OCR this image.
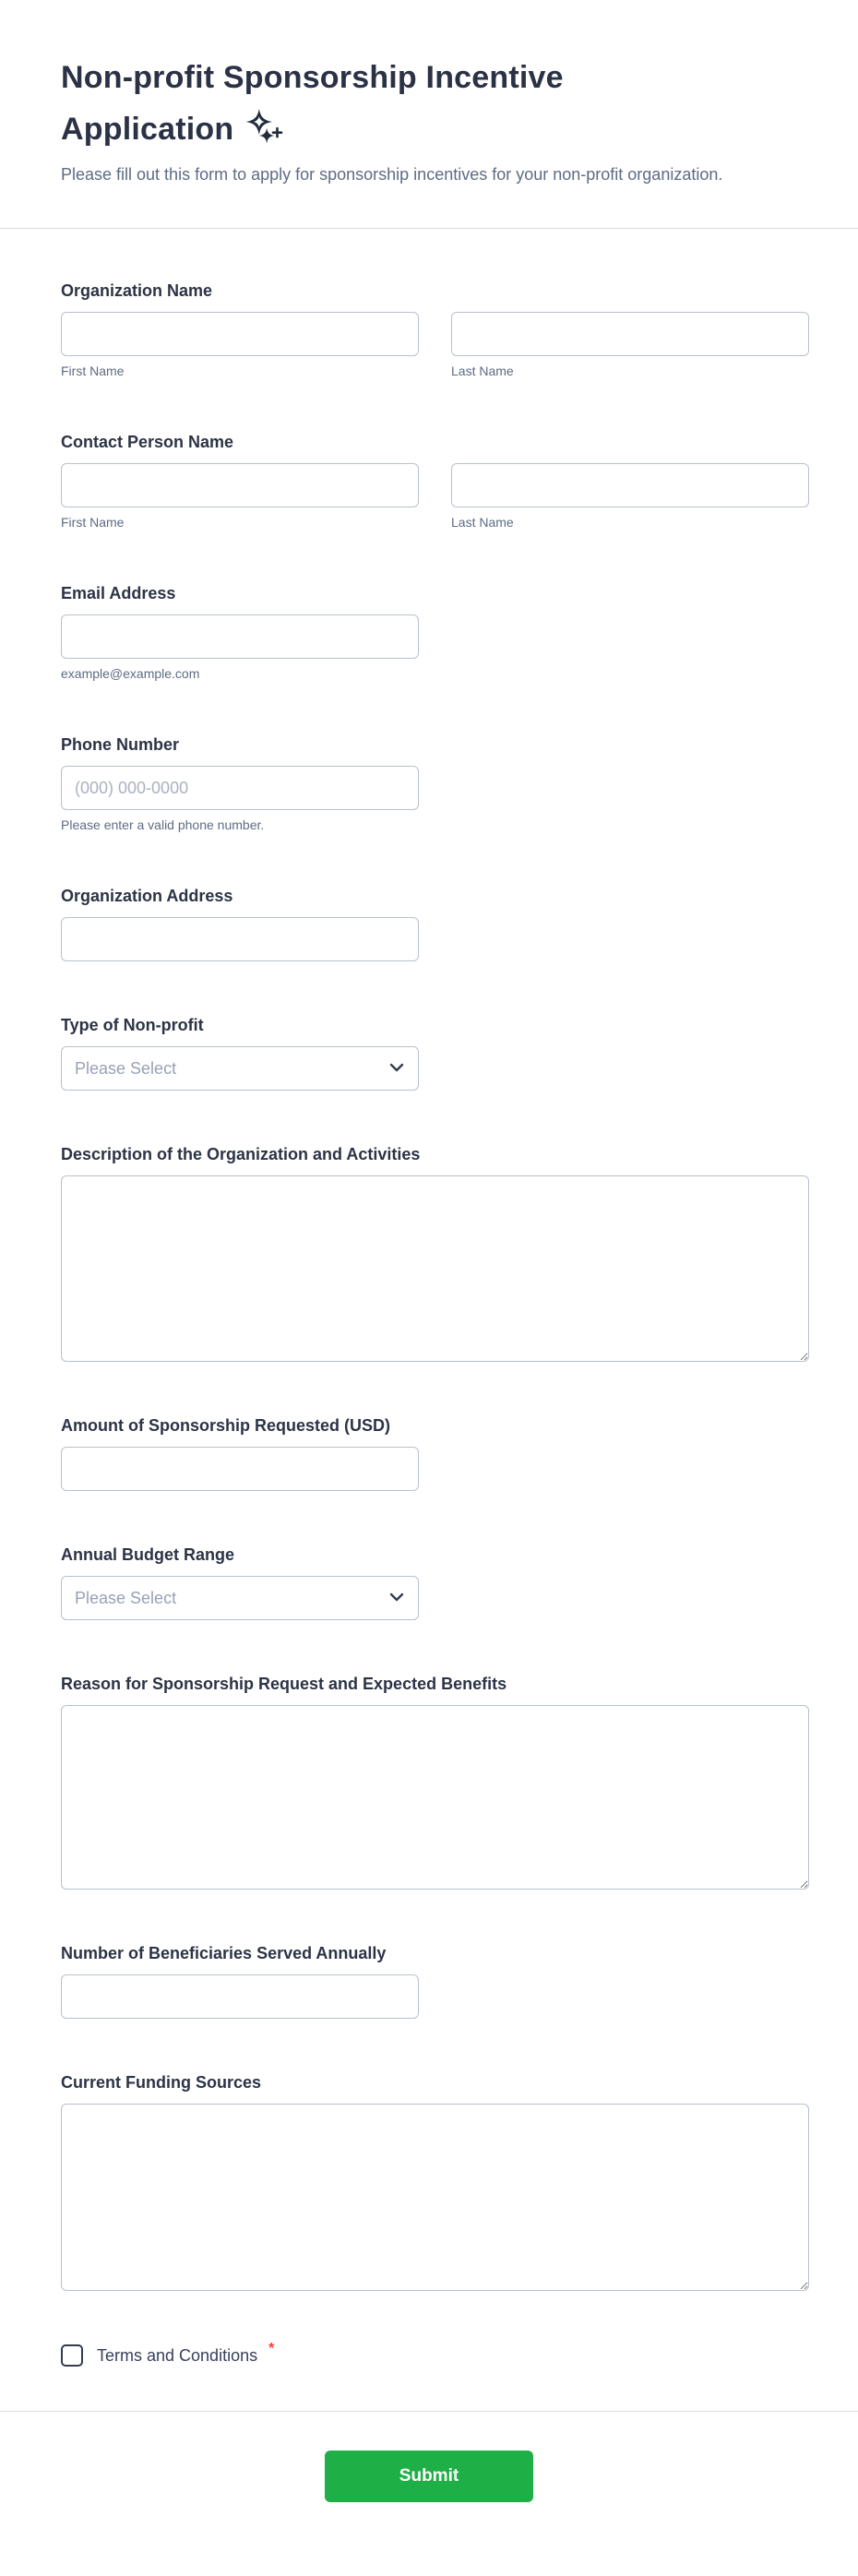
Non-profit Sponsorship Incentive Application

Please fill out this form to apply for sponsorship incentives for your non-profit organization.

Organization Name
First Name	Last Name
Contact Person Name
First Name	Last Name
Email Address
example@example.com
Phone Number
(000) 000-0000
Please enter a valid phone number.
Organization Address
Type of Non-profit
Please Select
Description of the Organization and Activities
Amount of Sponsorship Requested (USD)
Annual Budget Range
Please Select
Reason for Sponsorship Request and Expected Benefits
Number of Beneficiaries Served Annually
Current Funding Sources
Terms and Conditions *
Submit
